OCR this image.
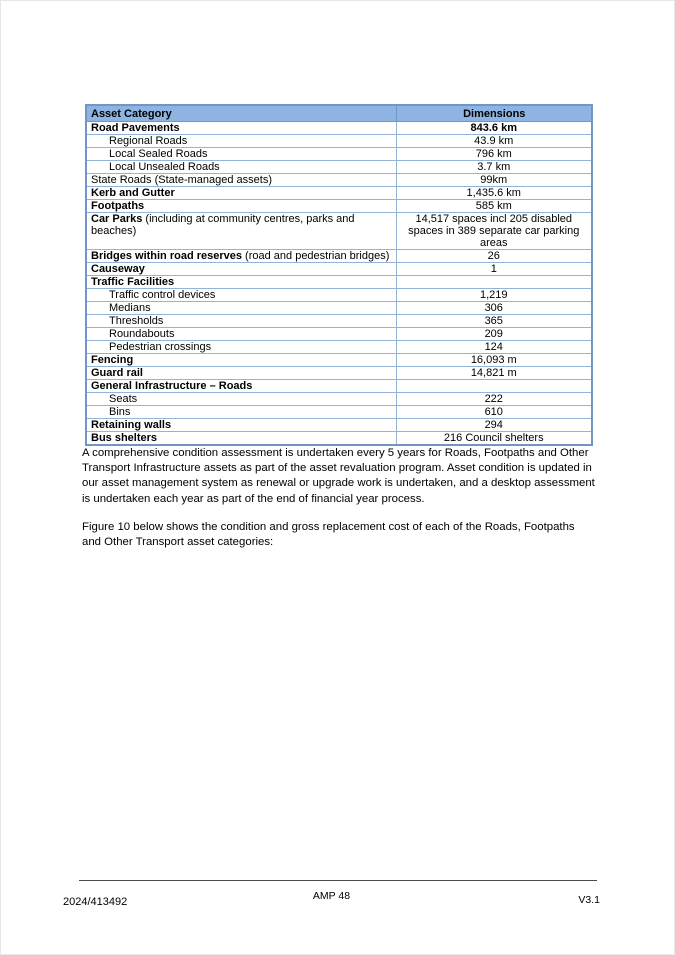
Asset Category	Dimensions
Road Pavements	843.6 km
Regional Roads	43.9 km
Local Sealed Roads	796 km
Local Unsealed Roads	3.7 km
State Roads (State-managed assets)	99km
Kerb and Gutter	1,435.6 km
Footpaths	585 km
Car Parks (including at community centres, parks and beaches)	14,517 spaces incl 205 disabled spaces in 389 separate car parking areas
Bridges within road reserves (road and pedestrian bridges)	26
Causeway	1
Traffic Facilities	
Traffic control devices	1,219
Medians	306
Thresholds	365
Roundabouts	209
Pedestrian crossings	124
Fencing	16,093 m
Guard rail	14,821 m
General Infrastructure – Roads	
Seats	222
Bins	610
Retaining walls	294
Bus shelters	216 Council shelters

A comprehensive condition assessment is undertaken every 5 years for Roads, Footpaths and Other Transport Infrastructure assets as part of the asset revaluation program. Asset condition is updated in our asset management system as renewal or upgrade work is undertaken, and a desktop assessment is undertaken each year as part of the end of financial year process.

Figure 10 below shows the condition and gross replacement cost of each of the Roads, Footpaths and Other Transport asset categories:

2024/413492	AMP 48	V3.1
